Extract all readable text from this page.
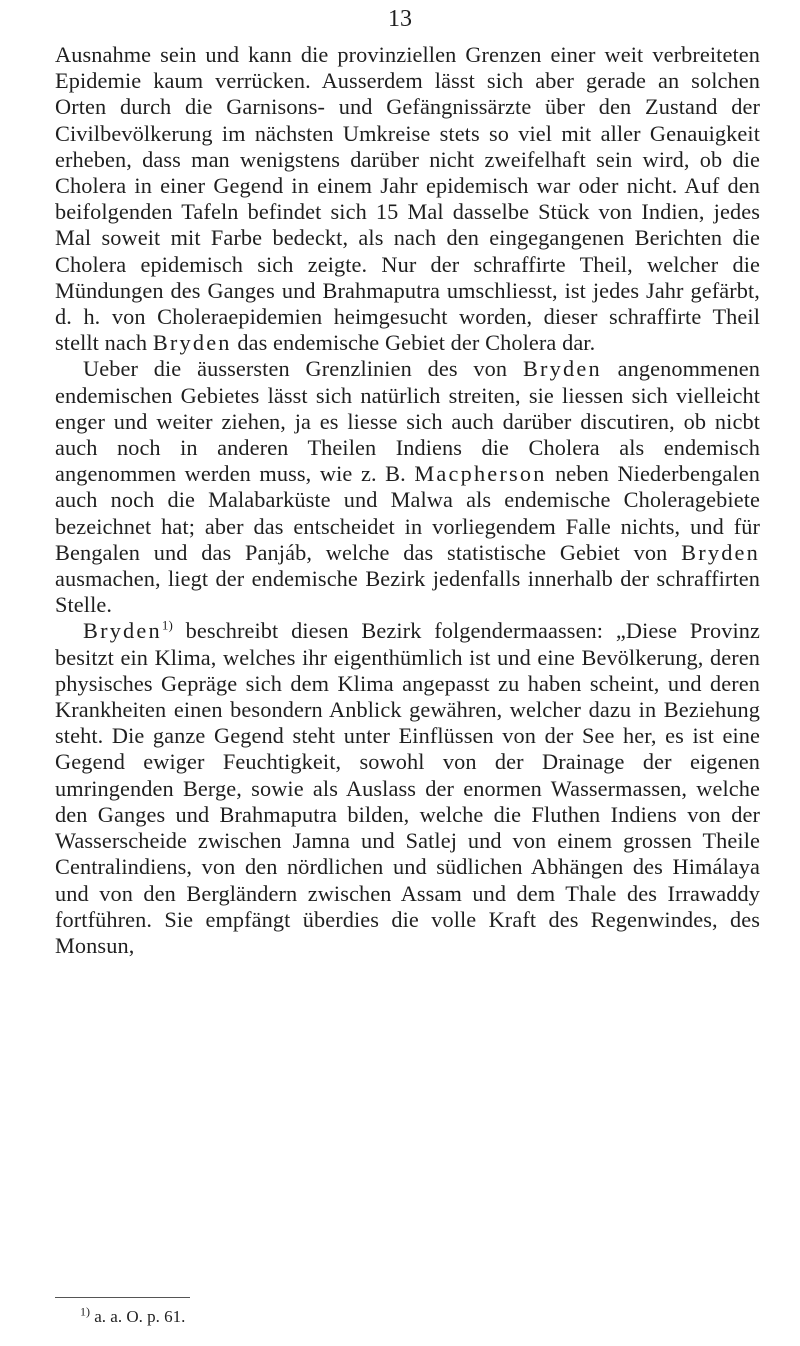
13

Ausnahme sein und kann die provinziellen Grenzen einer weit verbreiteten Epidemie kaum verrücken. Ausserdem lässt sich aber gerade an solchen Orten durch die Garnisons- und Gefängnissärzte über den Zustand der Civilbevölkerung im nächsten Umkreise stets so viel mit aller Genauigkeit erheben, dass man wenigstens darüber nicht zweifelhaft sein wird, ob die Cholera in einer Gegend in einem Jahr epidemisch war oder nicht. Auf den beifolgenden Tafeln befindet sich 15 Mal dasselbe Stück von Indien, jedes Mal soweit mit Farbe bedeckt, als nach den eingegangenen Berichten die Cholera epidemisch sich zeigte. Nur der schraffirte Theil, welcher die Mündungen des Ganges und Brahmaputra umschliesst, ist jedes Jahr gefärbt, d. h. von Choleraepidemien heimgesucht worden, dieser schraffirte Theil stellt nach Bryden das endemische Gebiet der Cholera dar.

Ueber die äussersten Grenzlinien des von Bryden angenommenen endemischen Gebietes lässt sich natürlich streiten, sie liessen sich vielleicht enger und weiter ziehen, ja es liesse sich auch darüber discutiren, ob nicbt auch noch in anderen Theilen Indiens die Cholera als endemisch angenommen werden muss, wie z. B. Macpherson neben Niederbengalen auch noch die Malabarküste und Malwa als endemische Choleragebiete bezeichnet hat; aber das entscheidet in vorliegendem Falle nichts, und für Bengalen und das Panjáb, welche das statistische Gebiet von Bryden ausmachen, liegt der endemische Bezirk jedenfalls innerhalb der schraffirten Stelle.

Bryden$^{1)}$ beschreibt diesen Bezirk folgendermaassen: „Diese Provinz besitzt ein Klima, welches ihr eigenthümlich ist und eine Bevölkerung, deren physisches Gepräge sich dem Klima angepasst zu haben scheint, und deren Krankheiten einen besondern Anblick gewähren, welcher dazu in Beziehung steht. Die ganze Gegend steht unter Einflüssen von der See her, es ist eine Gegend ewiger Feuchtigkeit, sowohl von der Drainage der eigenen umringenden Berge, sowie als Auslass der enormen Wassermassen, welche den Ganges und Brahmaputra bilden, welche die Fluthen Indiens von der Wasserscheide zwischen Jamna und Satlej und von einem grossen Theile Centralindiens, von den nördlichen und südlichen Abhängen des Himálaya und von den Bergländern zwischen Assam und dem Thale des Irrawaddy fortführen. Sie empfängt überdies die volle Kraft des Regenwindes, des Monsun,

$^{1)}$ a. a. O. p. 61.
